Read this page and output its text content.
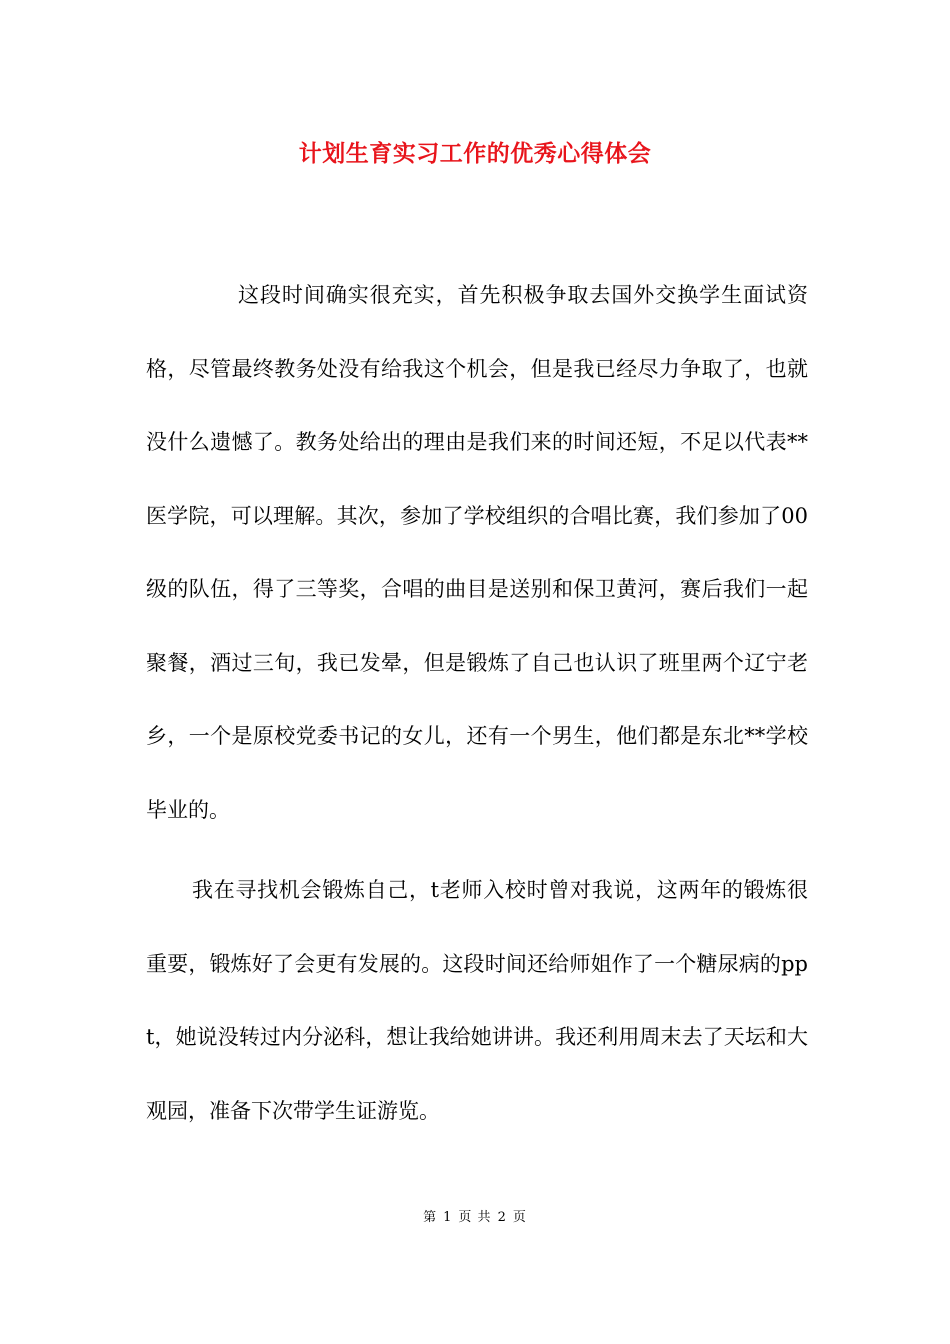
计划生育实习工作的优秀心得体会

这段时间确实很充实，首先积极争取去国外交换学生面试资格，尽管最终教务处没有给我这个机会，但是我已经尽力争取了，也就没什么遗憾了。教务处给出的理由是我们来的时间还短，不足以代表**医学院，可以理解。其次，参加了学校组织的合唱比赛，我们参加了00级的队伍，得了三等奖，合唱的曲目是送别和保卫黄河，赛后我们一起聚餐，酒过三旬，我已发晕，但是锻炼了自己也认识了班里两个辽宁老乡，一个是原校党委书记的女儿，还有一个男生，他们都是东北**学校毕业的。

我在寻找机会锻炼自己，t老师入校时曾对我说，这两年的锻炼很重要，锻炼好了会更有发展的。这段时间还给师姐作了一个糖尿病的ppt，她说没转过内分泌科，想让我给她讲讲。我还利用周末去了天坛和大观园，准备下次带学生证游览。

第 1 页 共 2 页
